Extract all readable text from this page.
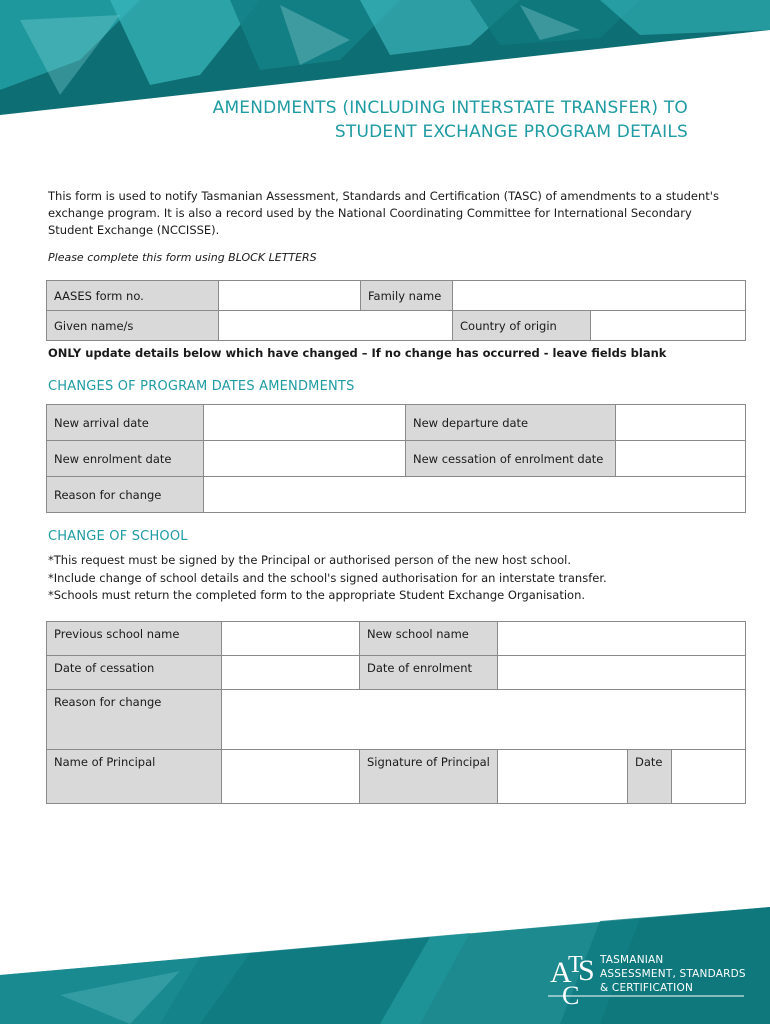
AMENDMENTS (INCLUDING INTERSTATE TRANSFER) TO
STUDENT EXCHANGE PROGRAM DETAILS
This form is used to notify Tasmanian Assessment, Standards and Certification (TASC) of amendments to a student's exchange program. It is also a record used by the National Coordinating Committee for International Secondary Student Exchange (NCCISSE).
Please complete this form using BLOCK LETTERS
AASES form no.		Family name		
Given name/s			Country of origin	
ONLY update details below which have changed – If no change has occurred - leave fields blank
CHANGES OF PROGRAM DATES AMENDMENTS
New arrival date		New departure date	
New enrolment date		New cessation of enrolment date	
Reason for change			
CHANGE OF SCHOOL
*This request must be signed by the Principal or authorised person of the new host school.
*Include change of school details and the school's signed authorisation for an interstate transfer.
*Schools must return the completed form to the appropriate Student Exchange Organisation.
Previous school name		New school name			
Date of cessation		Date of enrolment			
Reason for change					
Name of Principal		Signature of Principal		Date	
A
T
S
C
TASMANIAN
ASSESSMENT, STANDARDS
& CERTIFICATION
